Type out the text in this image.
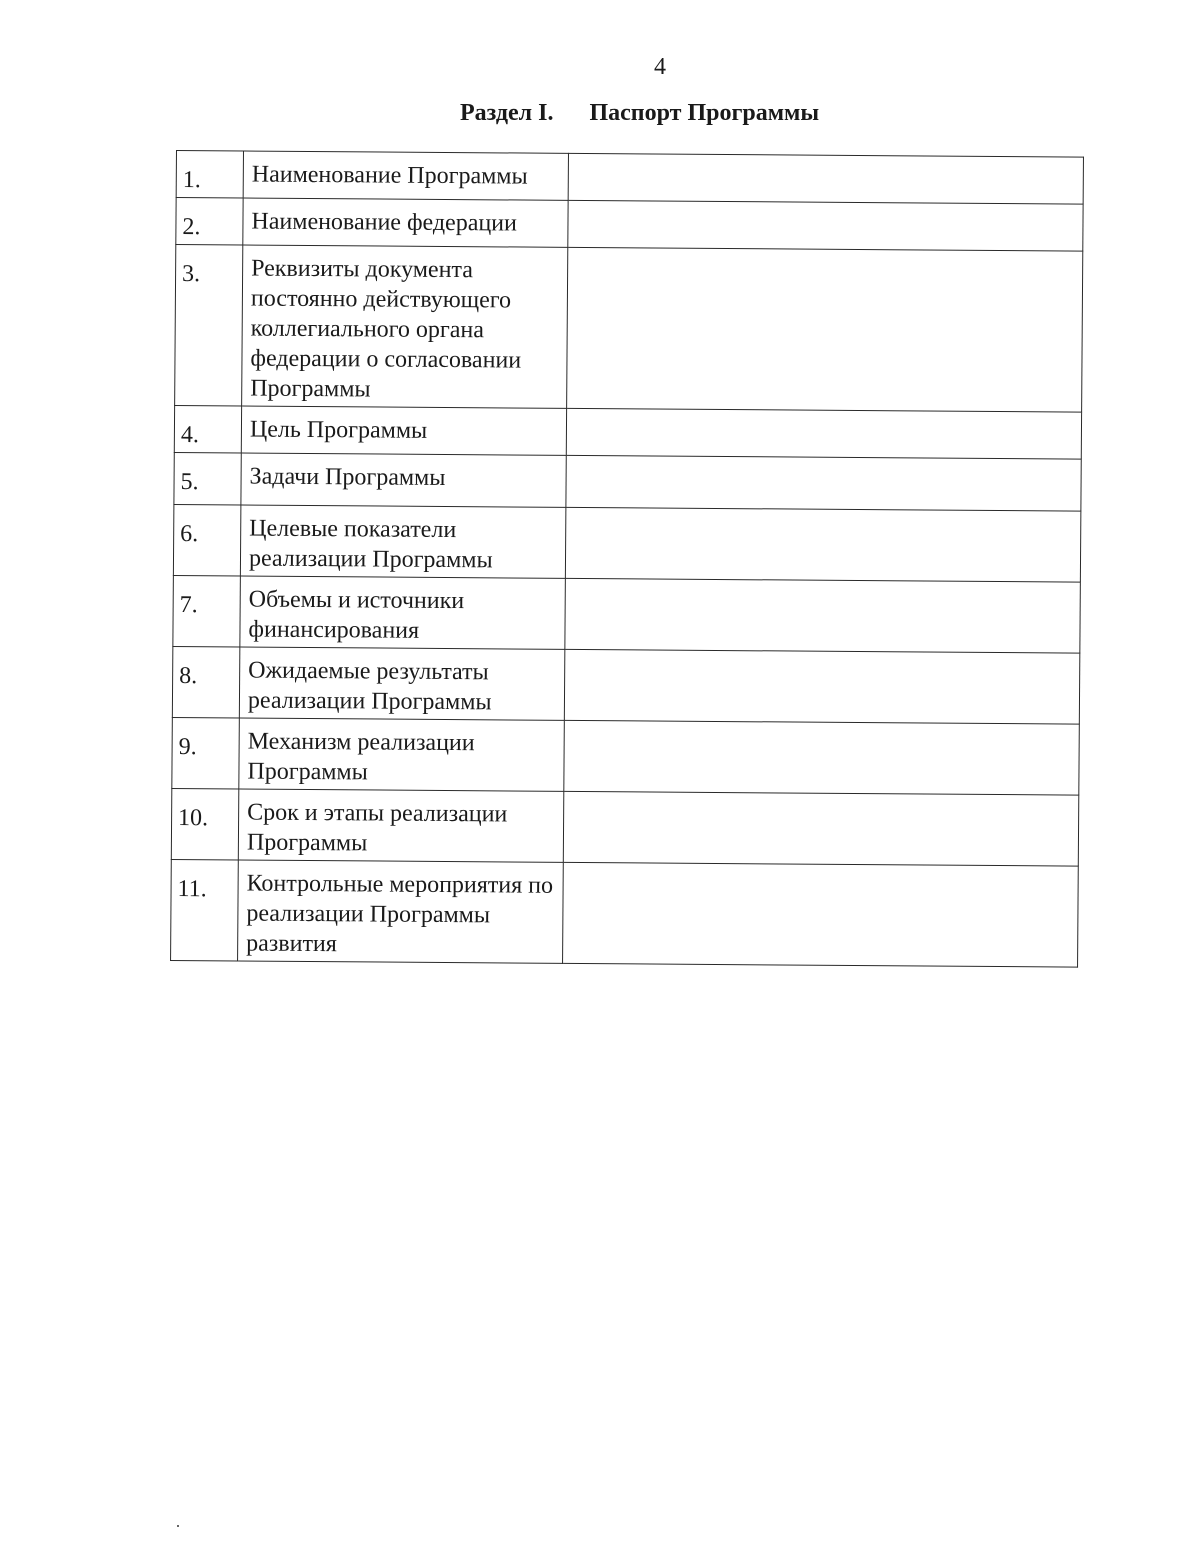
4
Раздел I. Паспорт Программы
1.	Наименование Программы	
2.	Наименование федерации	
3.	Реквизиты документа постоянно действующего коллегиального органа федерации о согласовании Программы	
4.	Цель Программы	
5.	Задачи Программы	
6.	Целевые показатели реализации Программы	
7.	Объемы и источники финансирования	
8.	Ожидаемые результаты реализации Программы	
9.	Механизм реализации Программы	
10.	Срок и этапы реализации Программы	
11.	Контрольные мероприятия по реализации Программы развития	
